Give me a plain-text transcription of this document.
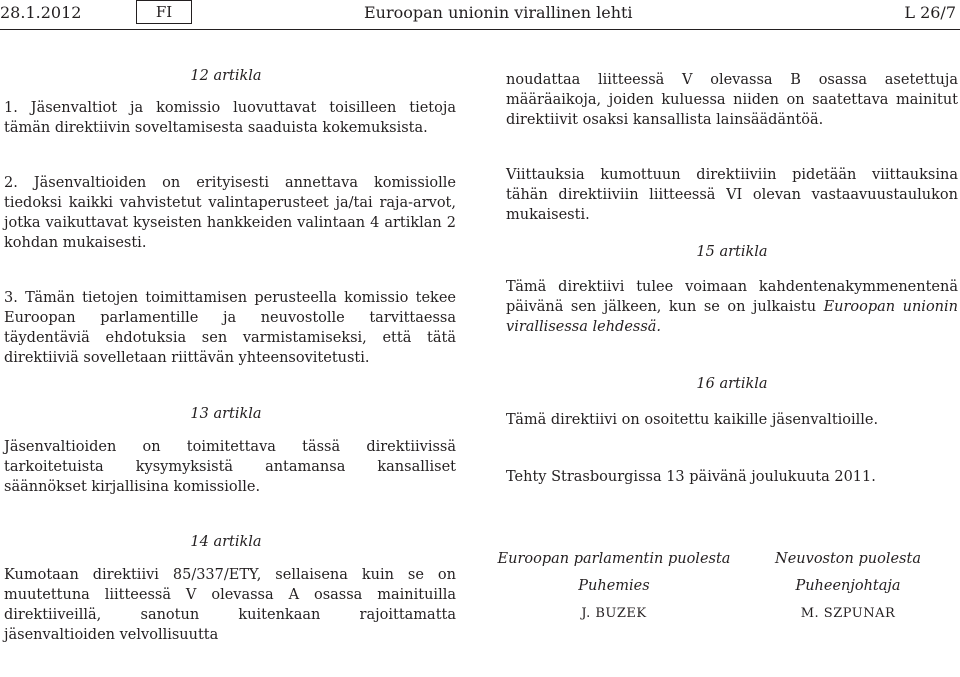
28.1.2012	FI	Euroopan unionin virallinen lehti	L 26/7
12 artikla

1. Jäsenvaltiot ja komissio luovuttavat toisilleen tietoja tämän direktiivin soveltamisesta saaduista kokemuksista.

2. Jäsenvaltioiden on erityisesti annettava komissiolle tiedoksi kaikki vahvistetut valintaperusteet ja/tai raja-arvot, jotka vaikuttavat kyseisten hankkeiden valintaan 4 artiklan 2 kohdan mukaisesti.

3. Tämän tietojen toimittamisen perusteella komissio tekee Euroopan parlamentille ja neuvostolle tarvittaessa täydentäviä ehdotuksia sen varmistamiseksi, että tätä direktiiviä sovelletaan riittävän yhteensovitetusti.

13 artikla

Jäsenvaltioiden on toimitettava tässä direktiivissä tarkoitetuista kysymyksistä antamansa kansalliset säännökset kirjallisina komissiolle.

14 artikla

Kumotaan direktiivi 85/337/ETY, sellaisena kuin se on muutettuna liitteessä V olevassa A osassa mainituilla direktiiveillä, sanotun kuitenkaan rajoittamatta jäsenvaltioiden velvollisuutta

noudattaa liitteessä V olevassa B osassa asetettuja määräaikoja, joiden kuluessa niiden on saatettava mainitut direktiivit osaksi kansallista lainsäädäntöä.

Viittauksia kumottuun direktiiviin pidetään viittauksina tähän direktiiviin liitteessä VI olevan vastaavuustaulukon mukaisesti.

15 artikla

Tämä direktiivi tulee voimaan kahdentenakymmenentenä päivänä sen jälkeen, kun se on julkaistu Euroopan unionin virallisessa lehdessä.

16 artikla

Tämä direktiivi on osoitettu kaikille jäsenvaltioille.

Tehty Strasbourgissa 13 päivänä joulukuuta 2011.

Euroopan parlamentin puolesta
Puhemies
J. BUZEK
Neuvoston puolesta
Puheenjohtaja
M. SZPUNAR
